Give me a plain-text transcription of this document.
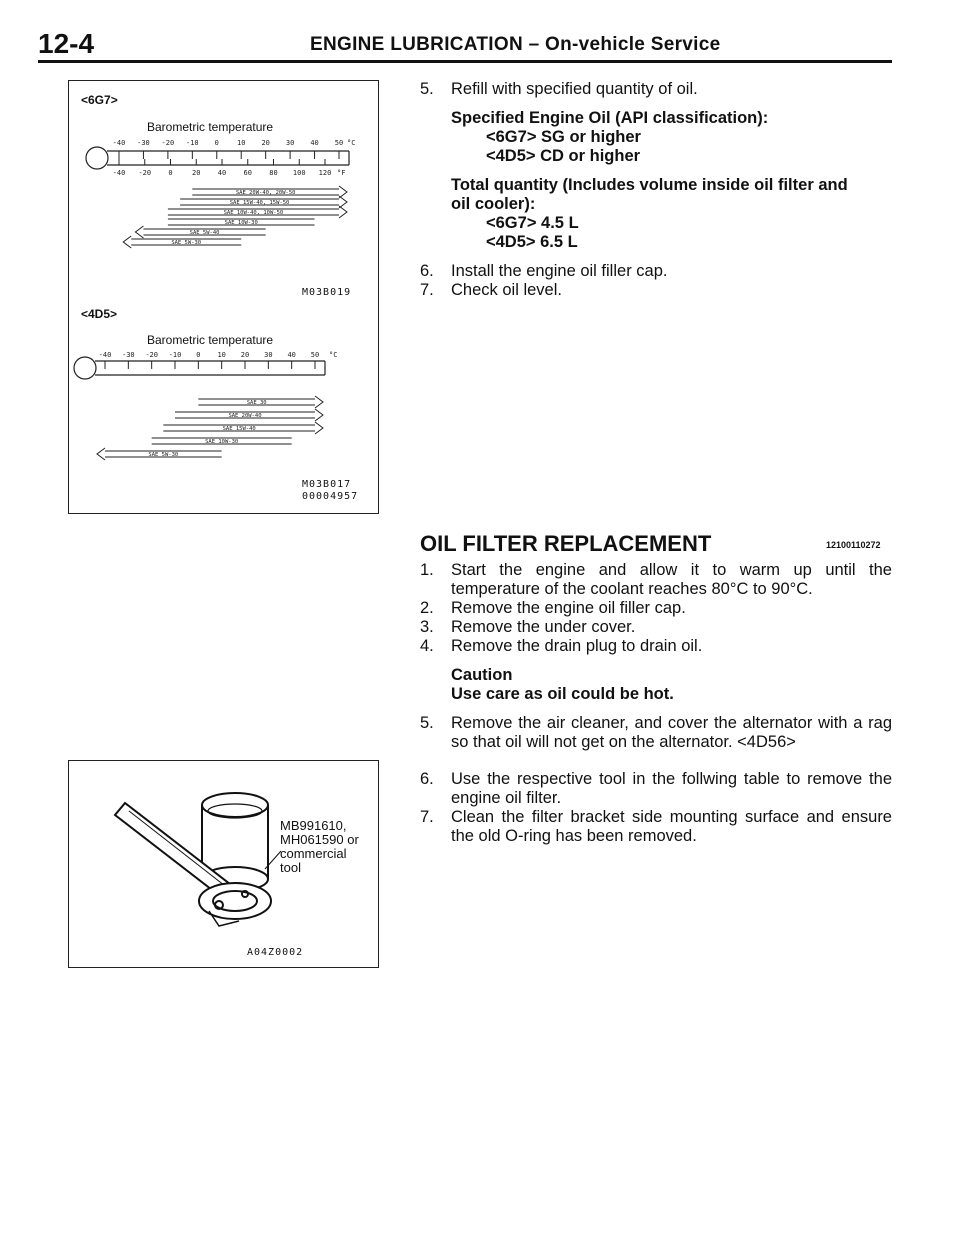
12-4	ENGINE LUBRICATION – On-vehicle Service
<6G7>
Barometric temperature
-40 -30 -20 -10 0	10 20 30 40 50 °C
-40 -20 0	20 40 60 80 100 120 °F
SAE 20W-40, 20W-50
SAE 15W-40, 15W-50
SAE 10W-40, 10W-50
SAE 10W-30
SAE 5W-40
SAE 5W-30
-40 -30 -20 -10 0 10 20 30 40 50 °C
SAE 30
SAE 20W-40
SAE 15W-40
SAE 10W-30
SAE 5W-30
M03B019
<4D5>
Barometric temperature
M03B017
00004957
MB991610,
MH061590 or
commercial
tool
A04Z0002

5. Refill with specified quantity of oil.

Specified Engine Oil (API classification):

<6G7> SG or higher

<4D5> CD or higher

Total quantity (Includes volume inside oil filter and
oil cooler):

<6G7> 4.5 L

<4D5> 6.5 L

6. Install the engine oil filler cap.

7. Check oil level.

OIL FILTER REPLACEMENT	12100110272

1. Start the engine and allow it to warm up until the temperature of the coolant reaches 80°C to 90°C.

2. Remove the engine oil filler cap.

3. Remove the under cover.

4. Remove the drain plug to drain oil.

Caution

Use care as oil could be hot.

5. Remove the air cleaner, and cover the alternator with a rag so that oil will not get on the alternator. <4D56>

6. Use the respective tool in the follwing table to remove the engine oil filter.

7. Clean the filter bracket side mounting surface and ensure the old O-ring has been removed.
